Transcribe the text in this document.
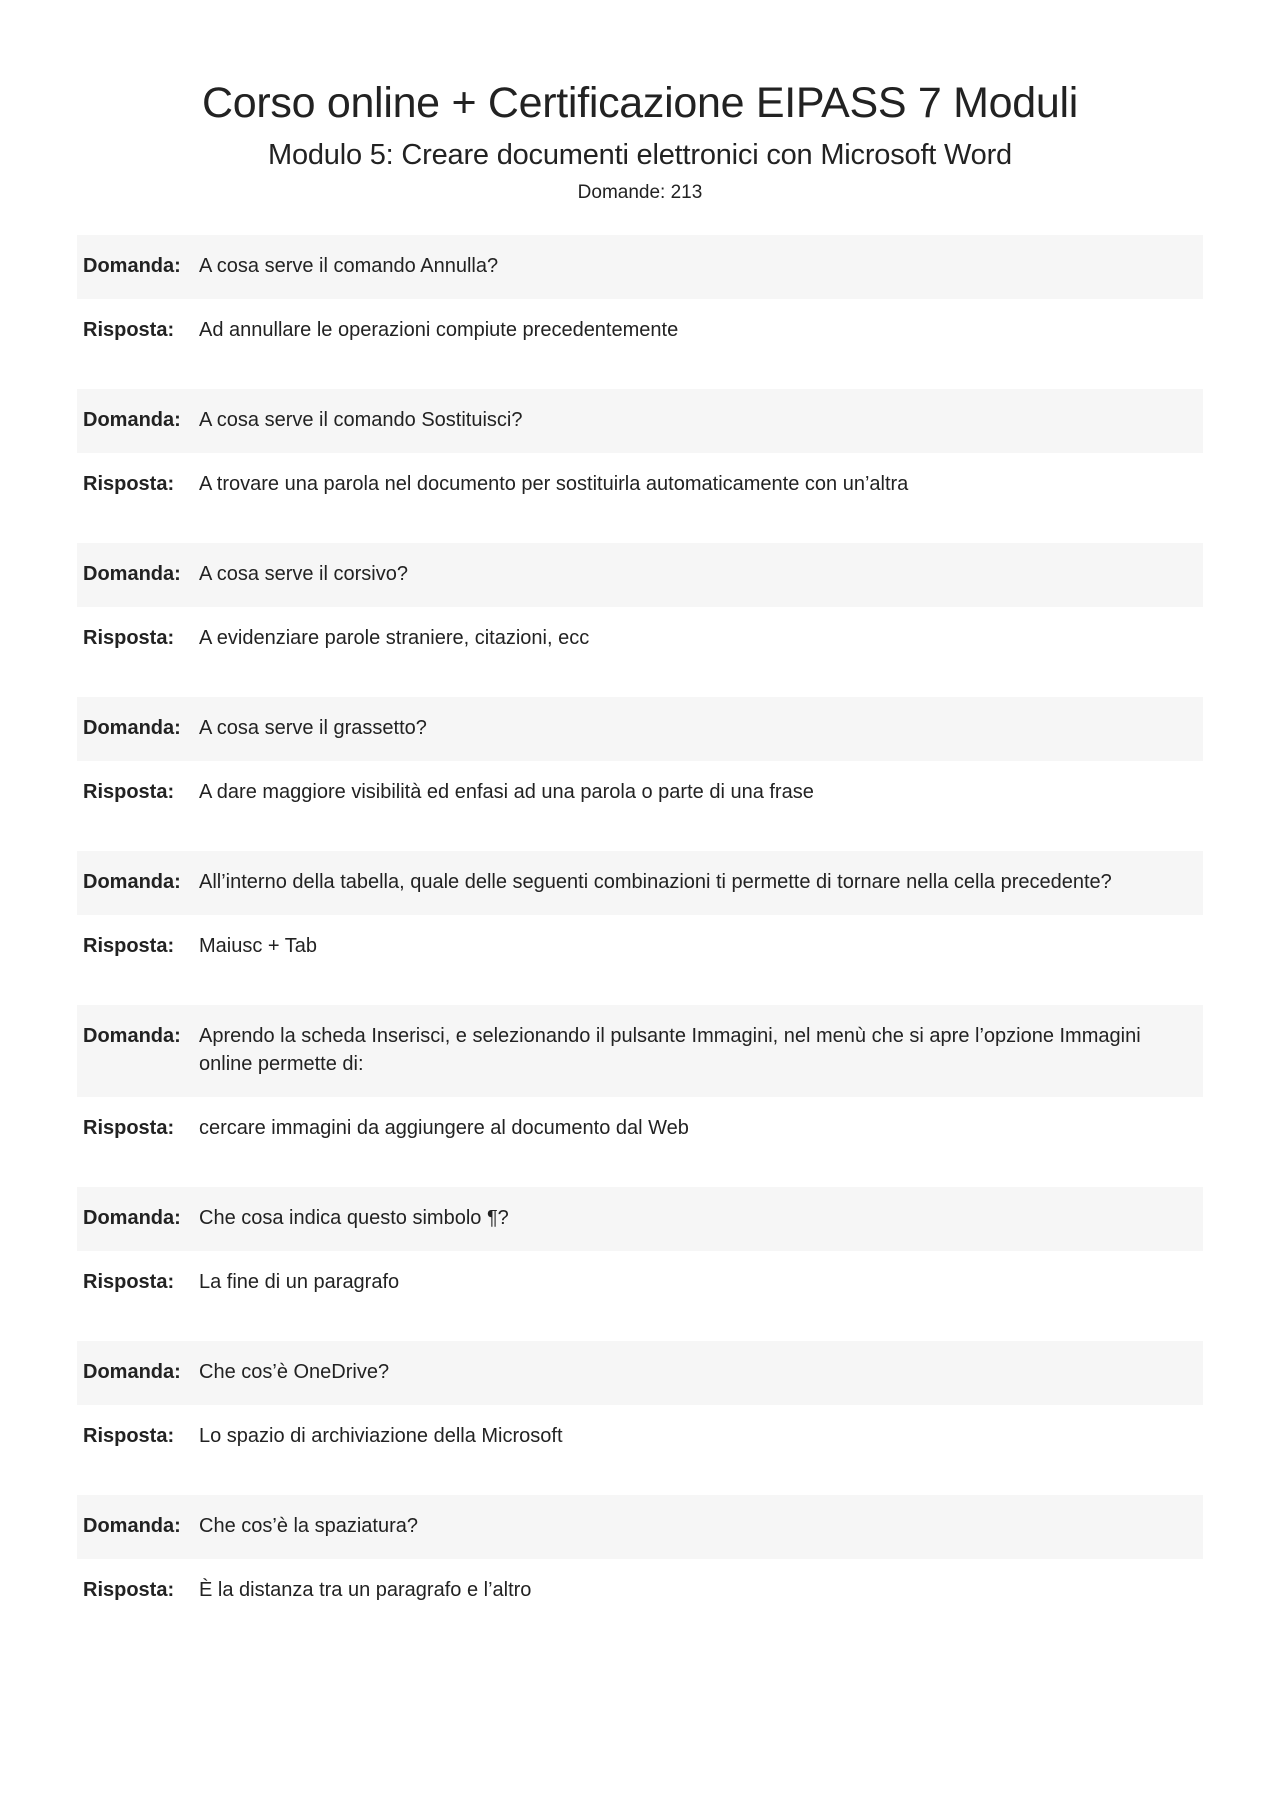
Corso online + Certificazione EIPASS 7 Moduli
Modulo 5: Creare documenti elettronici con Microsoft Word
Domande: 213
Domanda: A cosa serve il comando Annulla?
Risposta:	Ad annullare le operazioni compiute precedentemente
Domanda: A cosa serve il comando Sostituisci?
Risposta:	A trovare una parola nel documento per sostituirla automaticamente con un’altra
Domanda: A cosa serve il corsivo?
Risposta:	A evidenziare parole straniere, citazioni, ecc
Domanda: A cosa serve il grassetto?
Risposta:	A dare maggiore visibilità ed enfasi ad una parola o parte di una frase
Domanda: All’interno della tabella, quale delle seguenti combinazioni ti permette di tornare nella cella precedente?
Risposta:	Maiusc + Tab
Domanda: Aprendo la scheda Inserisci, e selezionando il pulsante Immagini, nel menù che si apre l’opzione Immagini online permette di:
Risposta:	cercare immagini da aggiungere al documento dal Web
Domanda: Che cosa indica questo simbolo ¶?
Risposta:	La fine di un paragrafo
Domanda: Che cos’è OneDrive?
Risposta:	Lo spazio di archiviazione della Microsoft
Domanda: Che cos’è la spaziatura?
Risposta:	È la distanza tra un paragrafo e l’altro
